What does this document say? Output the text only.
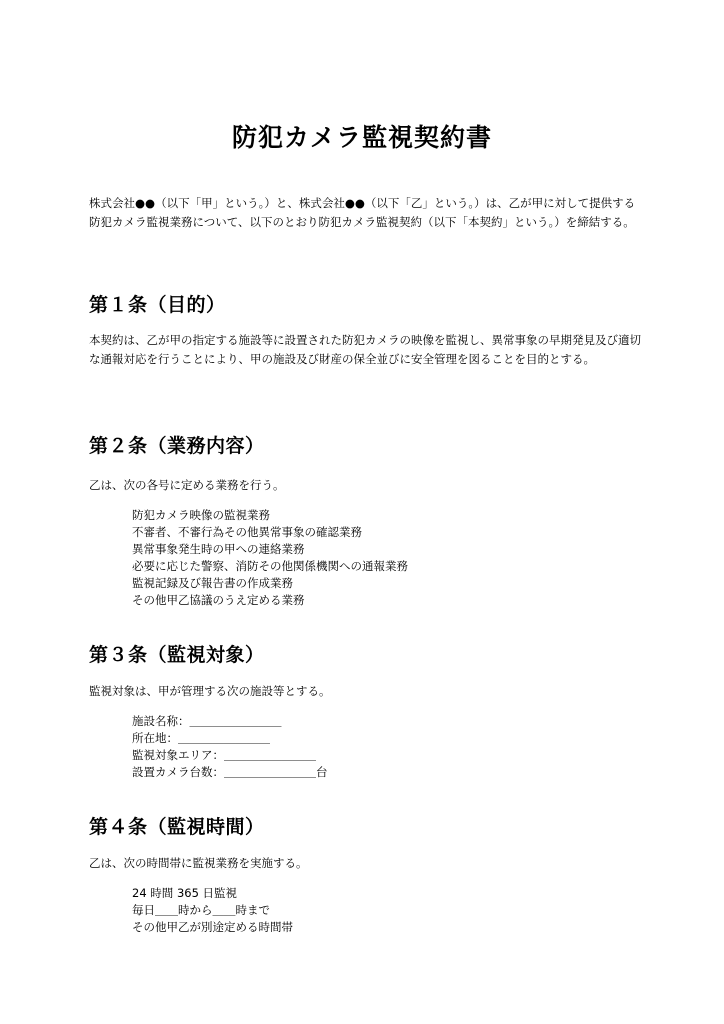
防犯カメラ監視契約書

株式会社●●（以下「甲」という。）と、株式会社●●（以下「乙」という。）は、乙が甲に対して提供する防犯カメラ監視業務について、以下のとおり防犯カメラ監視契約（以下「本契約」という。）を締結する。

第１条（目的）

本契約は、乙が甲の指定する施設等に設置された防犯カメラの映像を監視し、異常事象の早期発見及び適切な通報対応を行うことにより、甲の施設及び財産の保全並びに安全管理を図ることを目的とする。

第２条（業務内容）

乙は、次の各号に定める業務を行う。

防犯カメラ映像の監視業務
不審者、不審行為その他異常事象の確認業務
異常事象発生時の甲への連絡業務
必要に応じた警察、消防その他関係機関への通報業務
監視記録及び報告書の作成業務
その他甲乙協議のうえ定める業務
第３条（監視対象）

監視対象は、甲が管理する次の施設等とする。

施設名称：＿＿＿＿＿＿＿＿
所在地：＿＿＿＿＿＿＿＿
監視対象エリア：＿＿＿＿＿＿＿＿
設置カメラ台数：＿＿＿＿＿＿＿＿台
第４条（監視時間）

乙は、次の時間帯に監視業務を実施する。

24 時間 365 日監視
毎日＿＿時から＿＿時まで
その他甲乙が別途定める時間帯
